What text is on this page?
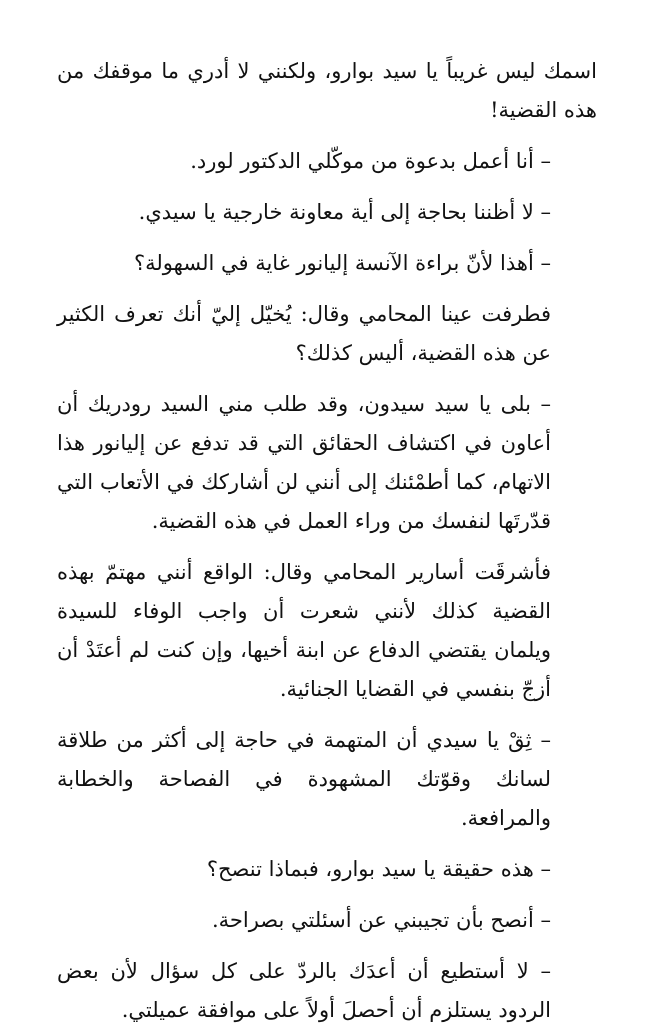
اسمك ليس غريباً يا سيد بوارو، ولكنني لا أدري ما موقفك من هذه القضية!

– أنا أعمل بدعوة من موكّلي الدكتور لورد.

– لا أظننا بحاجة إلى أية معاونة خارجية يا سيدي.

– أهذا لأنّ براءة الآنسة إليانور غاية في السهولة؟

فطرفت عينا المحامي وقال: يُخيّل إليّ أنك تعرف الكثير عن هذه القضية، أليس كذلك؟

– بلى يا سيد سيدون، وقد طلب مني السيد رودريك أن أعاون في اكتشاف الحقائق التي قد تدفع عن إليانور هذا الاتهام، كما أطمْئنك إلى أنني لن أشاركك في الأتعاب التي قدّرتَها لنفسك من وراء العمل في هذه القضية.

فأشرقَت أسارير المحامي وقال: الواقع أنني مهتمّ بهذه القضية كذلك لأنني شعرت أن واجب الوفاء للسيدة ويلمان يقتضي الدفاع عن ابنة أخيها، وإن كنت لم أعتَدْ أن أزجّ بنفسي في القضايا الجنائية.

– ثِقْ يا سيدي أن المتهمة في حاجة إلى أكثر من طلاقة لسانك وقوّتك المشهودة في الفصاحة والخطابة والمرافعة.

– هذه حقيقة يا سيد بوارو، فبماذا تنصح؟

– أنصح بأن تجيبني عن أسئلتي بصراحة.

– لا أستطيع أن أعدَك بالردّ على كل سؤال لأن بعض الردود يستلزم أن أحصلَ أولاً على موافقة عميلتي.
